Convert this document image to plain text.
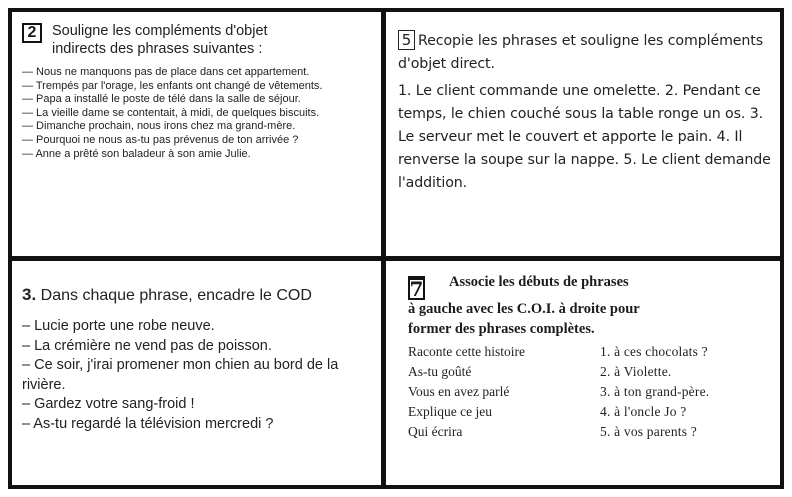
2	Souligne les compléments d'objet
indirects des phrases suivantes :
— Nous ne manquons pas de place dans cet appartement.
— Trempés par l'orage, les enfants ont changé de vêtements.
— Papa a installé le poste de télé dans la salle de séjour.
— La vieille dame se contentait, à midi, de quelques biscuits.
— Dimanche prochain, nous irons chez ma grand-mère.
— Pourquoi ne nous as-tu pas prévenus de ton arrivée ?
— Anne a prêté son baladeur à son amie Julie.
5 Recopie les phrases et souligne les compléments d'objet direct.
1. Le client commande une omelette. 2. Pendant ce temps, le chien couché sous la table ronge un os. 3. Le serveur met le couvert et apporte le pain. 4. Il renverse la soupe sur la nappe. 5. Le client demande l'addition.
3. Dans chaque phrase, encadre le COD
– Lucie porte une robe neuve.
– La crémière ne vend pas de poisson.
– Ce soir, j'irai promener mon chien au bord de la rivière.
– Gardez votre sang-froid !
– As-tu regardé la télévision mercredi ?
7	Associe les débuts de phrases
à gauche avec les C.O.I. à droite pour
former des phrases complètes.
Raconte cette histoire
As-tu goûté
Vous en avez parlé
Explique ce jeu
Qui écrira
1. à ces chocolats ?
2. à Violette.
3. à ton grand-père.
4. à l'oncle Jo ?
5. à vos parents ?
